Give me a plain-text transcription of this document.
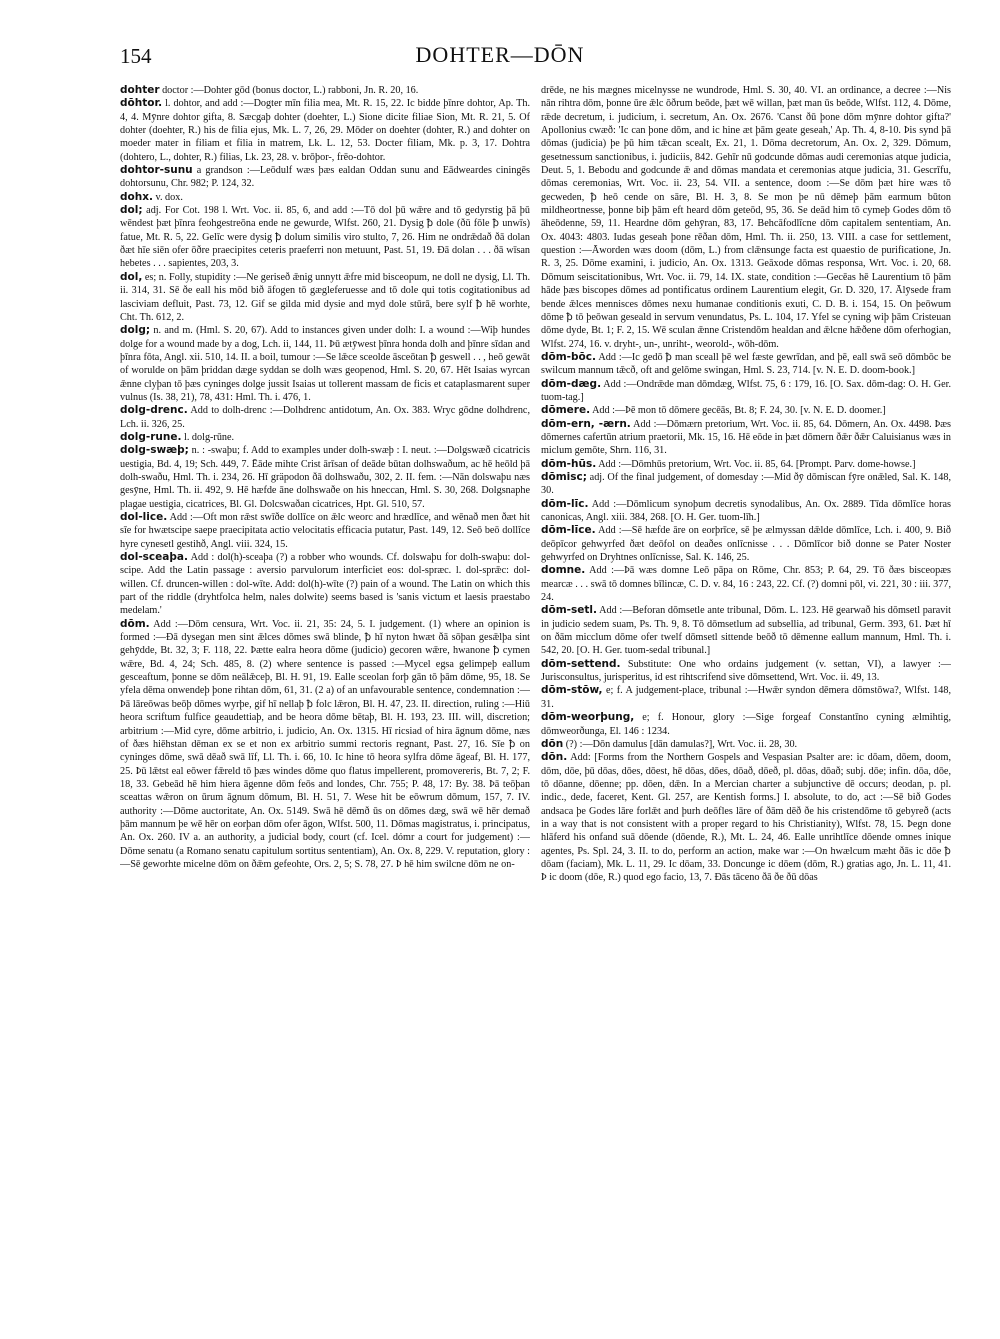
154	DOHTER—DŌN

dohter doctor :—Dohter gōd (bonus doctor, L.) rabboni, Jn. R. 20, 16.

dōhtor. l. dohtor, and add :—Dogter mīn filia mea, Mt. R. 15, 22. Ic bidde þīnre dohtor, Ap. Th. 4, 4. Mȳnre dohtor gifta, 8. Sæcgaþ dohter (doehter, L.) Sione dicite filiae Sion, Mt. R. 21, 5. Of dohter (doehter, R.) his de filia ejus, Mk. L. 7, 26, 29. Mōder on doehter (dohter, R.) and dohter on moeder mater in filiam et filia in matrem, Lk. L. 12, 53. Docter filiam, Mk. p. 3, 17. Dohtra (dohtero, L., dohter, R.) filias, Lk. 23, 28. v. brōþor-, frēo-dohtor.

dohtor-sunu a grandson :—Leōdulf wæs þæs ealdan Oddan sunu and Eādweardes ciningēs dohtorsunu, Chr. 982; P. 124, 32.

dohx. v. dox.

dol; adj. For Cot. 198 l. Wrt. Voc. ii. 85, 6, and add :—Tō dol þū wǣre and tō gedyrstig þā þū wēndest þæt þīnra feohgestreōna ende ne gewurde, Wlfst. 260, 21. Dysig ꝥ dole (ðū fōle ꝥ unwīs) fatue, Mt. R. 5, 22. Gelīc were dysig ꝥ dolum similis viro stulto, 7, 26. Him ne ondrǣdað ðā dolan ðæt hīe siēn ofer ōðre praecipites ceteris praeferri non metuunt, Past. 51, 19. Ðā dolan . . . ðā wīsan hebetes . . . sapientes, 203, 3.

dol, es; n. Folly, stupidity :—Ne geriseð ǣnig unnytt ǣfre mid bisceopum, ne doll ne dysig, Ll. Th. ii. 314, 31. Sē ðe eall his mōd bið āfogen tō gægleferuesse and tō dole qui totis cogitationibus ad lasciviam defluit, Past. 73, 12. Gif se gilda mid dysie and myd dole stūrā, bere sylf ꝥ hē worhte, Cht. Th. 612, 2.

dolg; n. and m. (Hml. S. 20, 67). Add to instances given under dolh: I. a wound :—Wiþ hundes dolge for a wound made by a dog, Lch. ii, 144, 11. Þū ætȳwest þīnra honda dolh and þīnre sīdan and þīnra fōta, Angl. xii. 510, 14. II. a boil, tumour :—Se lǣce sceolde āsceōtan ꝥ geswell . . , heō gewāt of worulde on þām þriddan dæge syddan se dolh wæs geopenod, Hml. S. 20, 67. Hēt Isaias wyrcan ǣnne clyþan tō þæs cyninges dolge jussit Isaias ut tollerent massam de ficis et cataplasmarent super vulnus (Is. 38, 21), 78, 431: Hml. Th. i. 476, 1.

dolg-drenc. Add to dolh-drenc :—Dolhdrenc antidotum, An. Ox. 383. Wryc gōdne dolhdrenc, Lch. ii. 326, 25.

dolg-rune. l. dolg-rūne.

dolg-swæþ; n. : -swaþu; f. Add to examples under dolh-swæþ : I. neut. :—Dolgswæð cicatricis uestigia, Bd. 4, 19; Sch. 449, 7. Ēāde mihte Crist ārīsan of deāde būtan dolhswaðum, ac hē heōld þā dolh-swaðu, Hml. Th. i. 234, 26. Hī gräpodon ðā dolhswaðu, 302, 2. II. fem. :—Nān dolswaþu næs gesȳne, Hml. Th. ii. 492, 9. Hē hæfde āne dolhswaðe on his hneccan, Hml. S. 30, 268. Dolgsnaphe plagae uestigia, cicatrices, Bl. Gl. Dolcswaðan cicatrices, Hpt. Gl. 510, 57.

dol-lice. Add :—Oft mon rǣst swīðe dollīce on ǣlc weorc and hrædlīce, and wēnað men ðæt hit sīe for hwætscipe saepe praecipitata actio velocitatis efficacia putatur, Past. 149, 12. Seō beō dollīce hyre cynesetl gestihð, Angl. viii. 324, 15.

dol-sceaþa. Add : dol(h)-sceaþa (?) a robber who wounds. Cf. dolswaþu for dolh-swaþu: dol-scipe. Add the Latin passage : aversio parvulorum interficiet eos: dol-spræc. l. dol-sprǣc: dol-willen. Cf. druncen-willen : dol-wīte. Add: dol(h)-wīte (?) pain of a wound. The Latin on which this part of the riddle (dryhtfolca helm, nales dolwite) seems based is 'sanis victum et laesis praestabo medelam.'

dōm. Add :—Dōm censura, Wrt. Voc. ii. 21, 35: 24, 5. I. judgement. (1) where an opinion is formed :—Ðā dysegan men sint ǣlces dōmes swā blinde, ꝥ hī nyton hwæt ðā sōþan gesǣlþa sint gehȳdde, Bt. 32, 3; F. 118, 22. Þætte ealra heora dōme (judicio) gecoren wǣre, hwanone ꝥ cymen wǣre, Bd. 4, 24; Sch. 485, 8. (2) where sentence is passed :—Mycel egsa gelimpeþ eallum gesceaftum, þonne se dōm neālǣceþ, Bl. H. 91, 19. Ealle sceolan forþ gān tō þām dōme, 95, 18. Se yfela dēma onwendeþ þone rihtan dōm, 61, 31. (2 a) of an unfavourable sentence, condemnation :—Þā lāreōwas beōþ dōmes wyrþe, gif hī nellaþ ꝥ folc lǣron, Bl. H. 47, 23. II. direction, ruling :—Hiū heora scriftum fulfice geaudettiaþ, and be heora dōme bētaþ, Bl. H. 193, 23. III. will, discretion; arbitrium :—Mid cyre, dōme arbitrio, i. judicio, An. Ox. 1315. Hī ricsiad of hira āgnum dōme, næs of ðæs hiēhstan dēman ex se et non ex arbitrio summi rectoris regnant, Past. 27, 16. Sīe ꝥ on cyninges dōme, swā dēað swā līf, Ll. Th. i. 66, 10. Ic hine tō heora sylfra dōme āgeaf, Bl. H. 177, 25. Þū lǣtst eal eōwer fǣreld tō þæs windes dōme quo flatus impellerent, promovereris, Bt. 7, 2; F. 18, 33. Gebeād hē him hiera āgenne dōm feōs and londes, Chr. 755; P. 48, 17: By. 38. Þā teōþan sceattas wǣron on ūrum āgnum dōmum, Bl. H. 51, 7. Wese hit be eōwrum dōmum, 157, 7. IV. authority :—Dōme auctoritate, An. Ox. 5149. Swā hē dēmð ūs on dōmes dæg, swā wē hēr demað þām mannum þe wē hēr on eorþan dōm ofer āgon, Wlfst. 500, 11. Dōmas magistratus, i. principatus, An. Ox. 260. IV a. an authority, a judicial body, court (cf. Icel. dómr a court for judgement) :—Dōme senatu (a Romano senatu capitulum sortitus sententiam), An. Ox. 8, 229. V. reputation, glory :—Sē geworhte micelne dōm on ðǣm gefeohte, Ors. 2, 5; S. 78, 27. Þ hē him swilcne dōm ne on-

drēde, ne his mægnes micelnysse ne wundrode, Hml. S. 30, 40. VI. an ordinance, a decree :—Nis nān rihtra dōm, þonne ūre ǣlc ōðrum beōde, þæt wē willan, þæt man ūs beōde, Wlfst. 112, 4. Dōme, rǣde decretum, i. judicium, i. secretum, An. Ox. 2676. 'Canst ðū þone dōm mȳnre dohtor gifta?' Apollonius cwæð: 'Ic can þone dōm, and ic hine æt þām geate geseah,' Ap. Th. 4, 8-10. Þis synd þā dōmas (judicia) þe þū him tǣcan scealt, Ex. 21, 1. Dōma decretorum, An. Ox. 2, 329. Dōmum, gesetnessum sanctionibus, i. judiciis, 842. Gehīr nū godcunde dōmas audi ceremonias atque judicia, Deut. 5, 1. Bebodu and godcunde ǣ and dōmas mandata et ceremonias atque judicia, 31. Gescrīfu, dōmas ceremonias, Wrt. Voc. ii. 23, 54. VII. a sentence, doom :—Se dōm þæt hire wæs tō gecweden, ꝥ heō cende on sāre, Bl. H. 3, 8. Se mon þe nū dēmeþ þām earmum būton mildheortnesse, þonne biþ þām eft heard dōm geteōd, 95, 36. Se deād him tō cymeþ Godes dōm tō āheōdenne, 59, 11. Heardne dōm gehȳran, 83, 17. Behcāfodlīcne dōm capitalem sententiam, An. Ox. 4043: 4803. Iudas geseah þone rēðan dōm, Hml. Th. ii. 250, 13. VIII. a case for settlement, question :—Āworden wæs doom (dōm, L.) from clǣnsunge facta est quaestio de purificatione, Jn. R. 3, 25. Dōme examini, i. judicio, An. Ox. 1313. Geāxode dōmas responsa, Wrt. Voc. i. 20, 68. Dōmum seiscitationibus, Wrt. Voc. ii. 79, 14. IX. state, condition :—Gecēas hē Laurentium tō þām hāde þæs biscopes dōmes ad pontificatus ordinem Laurentium elegit, Gr. D. 320, 17. Ālȳsede fram bende ǣlces mennisces dōmes nexu humanae conditionis exuti, C. D. B. i. 154, 15. On þeōwum dōme ꝥ tō þeōwan geseald in servum venundatus, Ps. L. 104, 17. Yfel se cyning wiþ þām Cristeuan dōme dyde, Bt. 1; F. 2, 15. Wē sculan ǣnne Cristendōm healdan and ǣlcne hǣðene dōm oferhogian, Wlfst. 274, 16. v. dryht-, un-, unriht-, weorold-, wōh-dōm.

dōm-bōc. Add :—Ic gedō ꝥ man sceall þē wel fæste gewrīdan, and þē, eall swā seō dōmbōc be swilcum mannum tǣcð, oft and gelōme swingan, Hml. S. 23, 714. [v. N. E. D. doom-book.]

dōm-dæg. Add :—Ondrǣde man dōmdæg, Wlfst. 75, 6 : 179, 16. [O. Sax. dōm-dag: O. H. Ger. tuom-tag.]

dōmere. Add :—Þē mon tō dōmere gecēās, Bt. 8; F. 24, 30. [v. N. E. D. doomer.]

dōm-ern, -ærn. Add :—Dōmærn pretorium, Wrt. Voc. ii. 85, 64. Dōmern, An. Ox. 4498. Þæs dōmernes cafertūn atrium praetorii, Mk. 15, 16. Hē eōde in þæt dōmern ðǣr ðǣr Caluisianus wæs in miclum gemōte, Shrn. 116, 31.

dōm-hūs. Add :—Dōmhūs pretorium, Wrt. Voc. ii. 85, 64. [Prompt. Parv. dome-howse.]

dōmisc; adj. Of the final judgement, of domesday :—Mid ðȳ dōmiscan fȳre onǣled, Sal. K. 148, 30.

dōm-līc. Add :—Dōmlicum synoþum decretis synodalibus, An. Ox. 2889. Tīda dōmlīce horas canonicas, Angl. xiii. 384, 268. [O. H. Ger. tuom-līh.]

dōm-līce. Add :—Sē hæfde āre on eorþrīce, sē þe ælmyssan dǣlde dōmlīce, Lch. i. 400, 9. Bið deōpīcor gehwyrfed ðæt deōfol on deaðes onlīcnisse . . . Dōmlīcor bið donne se Pater Noster gehwyrfed on Dryhtnes onlīcnisse, Sal. K. 146, 25.

domne. Add :—Þā wæs domne Leō pāpa on Rōme, Chr. 853; P. 64, 29. Tō ðæs bisceopæs mearcæ . . . swā tō domnes bīlincæ, C. D. v. 84, 16 : 243, 22. Cf. (?) domni pōl, vi. 221, 30 : iii. 377, 24.

dōm-setl. Add :—Beforan dōmsetle ante tribunal, Dōm. L. 123. Hē gearwað his dōmsetl paravit in judicio sedem suam, Ps. Th. 9, 8. Tō dōmsetlum ad subsellia, ad tribunal, Germ. 393, 61. Þæt hī on ðām micclum dōme ofer twelf dōmsetl sittende beōð tō dēmenne eallum mannum, Hml. Th. i. 542, 20. [O. H. Ger. tuom-sedal tribunal.]

dōm-settend. Substitute: One who ordains judgement (v. settan, VI), a lawyer :—Jurisconsultus, jurisperitus, id est rihtscrifend sive dōmsettend, Wrt. Voc. ii. 49, 13.

dōm-stōw, e; f. A judgement-place, tribunal :—Hwǣr syndon dēmera dōmstōwa?, Wlfst. 148, 31.

dōm-weorþung, e; f. Honour, glory :—Sige forgeaf Constantīno cyning ælmihtig, dōmweorðunga, El. 146 : 1234.

dōn (?) :—Dōn damulus [dān damulas?], Wrt. Voc. ii. 28, 30.

dōn. Add: [Forms from the Northern Gospels and Vespasian Psalter are: ic dōam, dōem, doom, dōm, dōe, þū dōas, dōes, dōest, hē dōas, dōes, dōað, dōeð, pl. dōas, dōað; subj. dōe; infin. dōa, dōe, tō dōanne, dōenne; pp. dōen, dǣn. In a Mercian charter a subjunctive dē occurs; deodan, p. pl. indic., dede, faceret, Kent. Gl. 257, are Kentish forms.] I. absolute, to do, act :—Sē bið Godes andsaca þe Godes lāre forlǣt and þurh deōfles lāre of ðām dēð ðe his cristendōme tō gebyreð (acts in a way that is not consistent with a proper regard to his Christianity), Wlfst. 78, 15. Þegn done hlāferd his onfand suā dōende (dōende, R.), Mt. L. 24, 46. Ealle unrihtlīce dōende omnes inique agentes, Ps. Spl. 24, 3. II. to do, perform an action, make war :—On hwælcum mæht ðās ic dōe ꝥ dōam (faciam), Mk. L. 11, 29. Ic dōam, 33. Doncunge ic dōem (dōm, R.) gratias ago, Jn. L. 11, 41. Þ ic doom (dōe, R.) quod ego facio, 13, 7. Ðās tāceno ðā ðe ðū dōas
